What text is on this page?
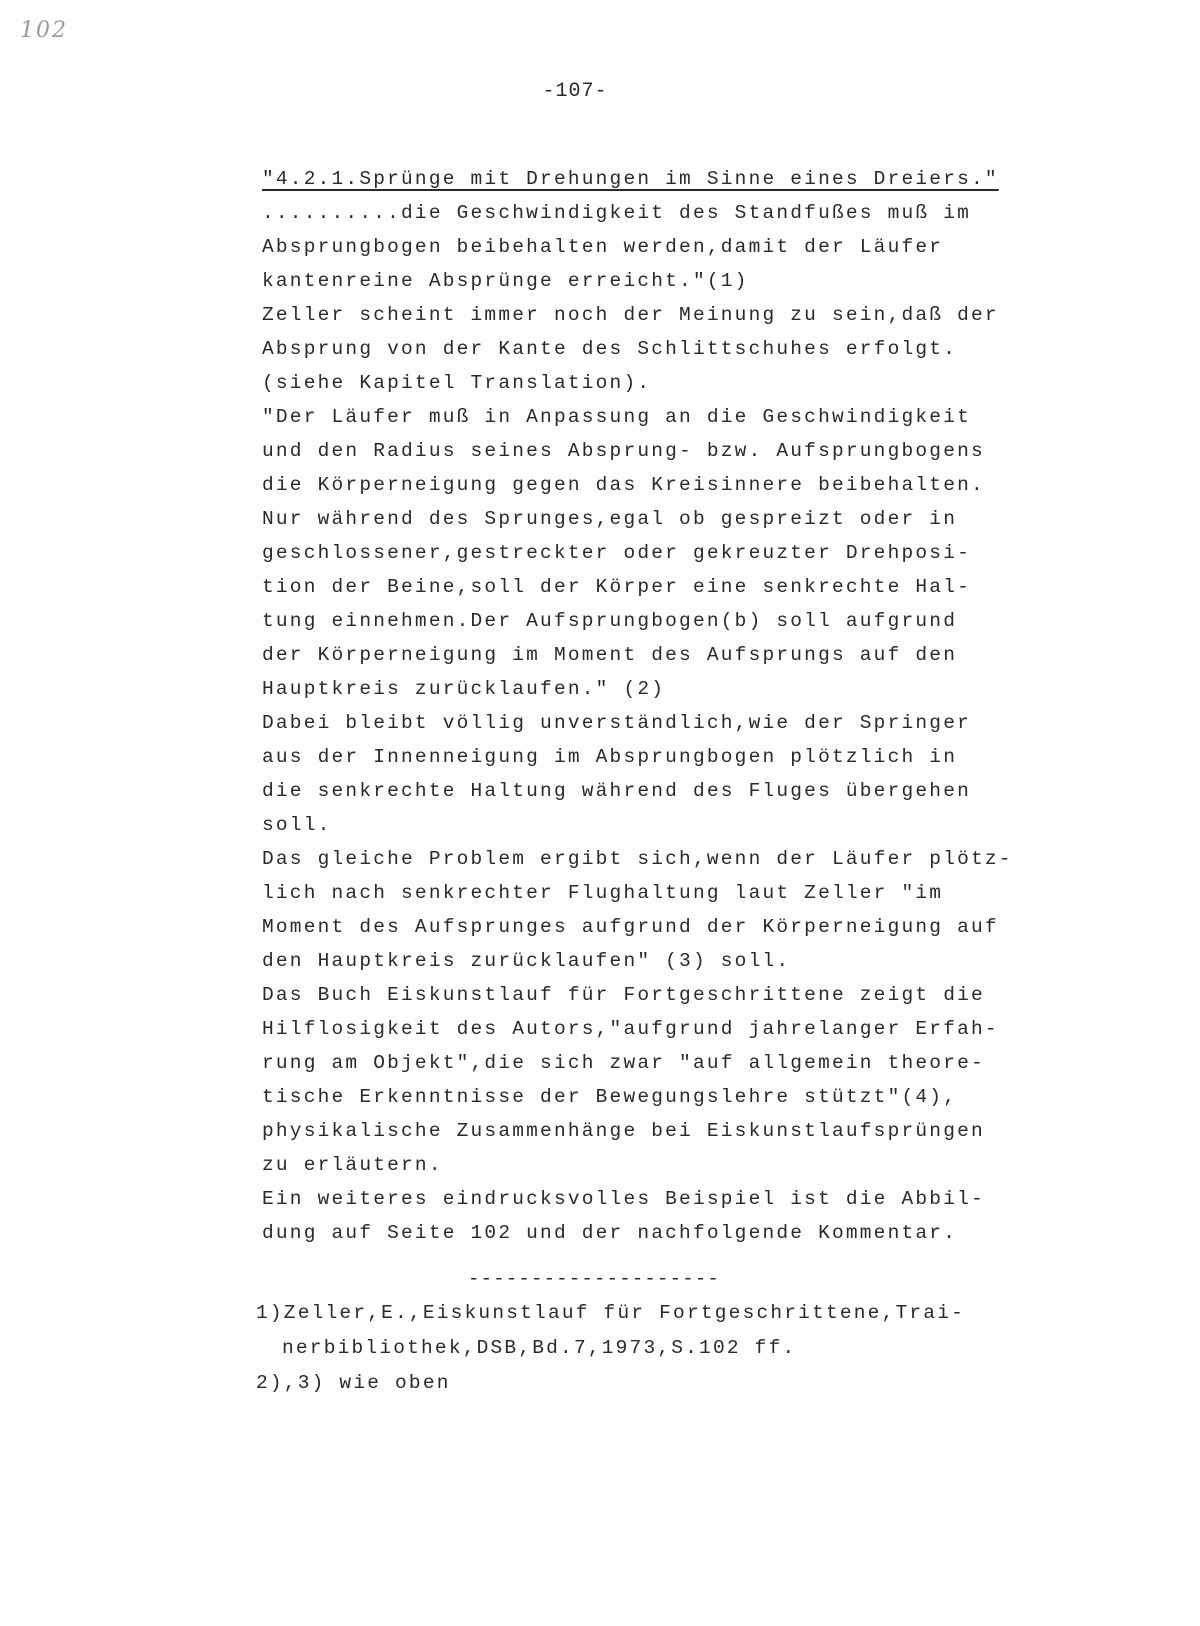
102
-107-
"4.2.1.Sprünge mit Drehungen im Sinne eines Dreiers."
..........die Geschwindigkeit des Standfußes muß im
Absprungbogen beibehalten werden,damit der Läufer
kantenreine Absprünge erreicht."(1)
Zeller scheint immer noch der Meinung zu sein,daß der
Absprung von der Kante des Schlittschuhes erfolgt.
(siehe Kapitel Translation).
"Der Läufer muß in Anpassung an die Geschwindigkeit
und den Radius seines Absprung- bzw. Aufsprungbogens
die Körperneigung gegen das Kreisinnere beibehalten.
Nur während des Sprunges,egal ob gespreizt oder in
geschlossener,gestreckter oder gekreuzter Drehposi-
tion der Beine,soll der Körper eine senkrechte Hal-
tung einnehmen.Der Aufsprungbogen(b) soll aufgrund
der Körperneigung im Moment des Aufsprungs auf den
Hauptkreis zurücklaufen." (2)
Dabei bleibt völlig unverständlich,wie der Springer
aus der Innenneigung im Absprungbogen plötzlich in
die senkrechte Haltung während des Fluges übergehen
soll.
Das gleiche Problem ergibt sich,wenn der Läufer plötz-
lich nach senkrechter Flughaltung laut Zeller "im
Moment des Aufsprunges aufgrund der Körperneigung auf
den Hauptkreis zurücklaufen" (3) soll.
Das Buch Eiskunstlauf für Fortgeschrittene zeigt die
Hilflosigkeit des Autors,"aufgrund jahrelanger Erfah-
rung am Objekt",die sich zwar "auf allgemein theore-
tische Erkenntnisse der Bewegungslehre stützt"(4),
physikalische Zusammenhänge bei Eiskunstlaufsprüngen
zu erläutern.
Ein weiteres eindrucksvolles Beispiel ist die Abbil-
dung auf Seite 102 und der nachfolgende Kommentar.
--------------------
1)Zeller,E.,Eiskunstlauf für Fortgeschrittene,Trai-
nerbibliothek,DSB,Bd.7,1973,S.102 ff.
2),3) wie oben
